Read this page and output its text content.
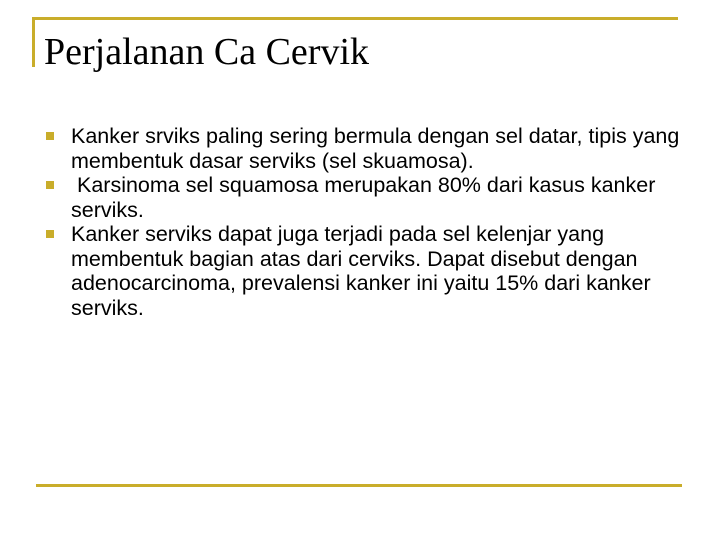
Perjalanan Ca Cervik
Kanker srviks paling sering bermula dengan sel datar, tipis yang membentuk dasar serviks (sel skuamosa).
Karsinoma sel squamosa merupakan 80% dari kasus kanker serviks.
Kanker serviks dapat juga terjadi pada sel kelenjar yang membentuk bagian atas dari cerviks. Dapat disebut dengan adenocarcinoma, prevalensi kanker ini yaitu 15% dari kanker serviks.
